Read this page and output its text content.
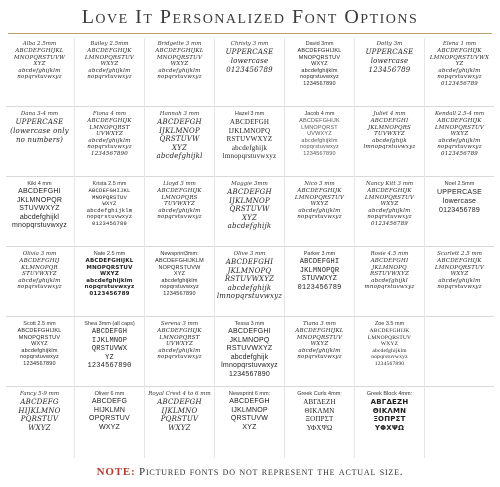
Love It Personalized Font Options
Alba 2.5mm
ABCDEFGHIJKL
MNOPQRSTUVW
XYZ
abcdefghijklm
nopqrstuvwxyz
Bailey 2.5mm
ABCDEFGHIJK
LMNOPQRSTUV
WXYZ
abcdefghijklm
nopqrstuvwxyz
Bridgette 3 mm
ABCDEFGHIJKL
MNOPQRSTUV
WXYZ
abcdefghijklm
nopqrstuvwxyz
Christy 3 mm
UPPERCASE
lowercase
0123456789
David 3mm
ABCDEFGHIJKL
MNOPQRSTUV
WXYZ
abcdefghijklm
nopqrstuvwxyz
1234567890
Dotty 3m
UPPERCASE
lowercase
123456789
Elena 1 mm
ABCDEFGHIJK
LMNOPQRSTUVWX
YZ
abcdefghijklm
nopqrstuvwxyz
0123456789
Dana 3-4 mm
UPPERCASE
(lowercase only
no numbers)
Fiona 4 mm
ABCDEFGHIJK
LMNOPQRST
UVWXYZ
abcdefghijklm
nopqrstuvwxyz
1234567890
Hannah 3 mm
ABCDEFGH
IJKLMNOP
QRSTUVW
XYZ
abcdefghijkl
Hazel 3 mm
ABCDEFGH
IJKLMNOPQ
RSTUVWXYZ
abcdefghijk
lmnopqrstuvwxyz
Jacob 4 mm
ABCDEFGHIJK
LMNOPQRST
UVWXYZ
abcdefghijklm
nopqrstuvwxyz
1234567890
Juliet 4 mm
ABCDEFGHI
JKLMNOPQRS
TUVWXYZ
abcdefghijk
lmnopqrstuvwxyz
Kendall 2.5-4 mm
ABCDEFGHIJK
LMNOPQRSTUV
WXYZ
abcdefghijklm
nopqrstuvwxyz
0123456789
Kiki 4 mm
ABCDEFGHI
JKLMNOPQR
STUVWXYZ
abcdefghijkl
mnopqrstuvwxyz
Krista 2.5 mm
ABCDEFGHIJKL
MNOPQRSTUV
WXYZ
abcdefghijklm
nopqrstuvwxyz
0123456789
Lloyd 3 mm
ABCDEFGHIJK
LMNOPQRS
TUVWXYZ
abcdefghijklm
nopqrstuvwxyz
Maggie 3mm
ABCDEFGH
IJKLMNOP
QRSTUVW
XYZ
abcdefghijk
Nico 3 mm
ABCDEFGHIJK
LMNOPQRSTUV
WXYZ
abcdefghijklm
nopqrstuvwxyz
Nancy Kitt 3 mm
ABCDEFGHIJK
LMNOPQRSTUV
WXYZ
abcdefghijklm
nopqrstuvwxyz
0123456789
Noel 2.5mm
UPPERCASE
lowercase
0123456789
Olivia 3 mm
ABCDEFGHIJ
KLMNOPQR
STUVWXYZ
abcdefghijklm
nopqrstuvwxyz
Nate 2.5 mm
ABCDEFGHIJKL
MNOPQRSTUV
WXYZ
abcdefghijklm
nopqrstuvwxyz
0123456789
Newsprint3mm:
ABCDEFGHIJKLM
NOPQRSTUVW
XYZ
abcdefghijklm
nopqrstuvwxyz
1234567890
Olive 3 mm
ABCDEFGHI
JKLMNOPQ
RSTUVWXYZ
abcdefghijk
lmnopqrstuvwxyz
Parker 3 mm
ABCDEFGHI
JKLMNOPQR
STUVWXYZ
0123456789
Rosie 4.5 mm
ABCDEFGHI
JKLMNOPQ
RSTUVWXYZ
abcdefghijkl
mnopqrstuvwxyz
Scarlett 2.5 mm
ABCDEFGHIJK
LMNOPQRSTUV
WXYZ
abcdefghijklm
nopqrstuvwxyz
Scott 2.5 mm
ABCDEFGHIJKL
MNOPQRSTUV
WXYZ
abcdefghijklm
nopqrstuvwxyz
1234567890
Shea 3mm (all caps)
ABCDEFGH
IJKLMNOP
QRSTUVWX
YZ
1234567890
Serena 3 mm
ABCDEFGHIJK
LMNOPQRST
UVWXYZ
abcdefghijklm
nopqrstuvwxyz
Tessa 3 mm
ABCDEFGHI
JKLMNOPQ
RSTUVWXYZ
abcdefghijk
lmnopqrstuvwxyz
1234567890
Tiana 3 mm
ABCDEFGHIJKL
MNOPQRSTUV
WXYZ
abcdefghijklm
nopqrstuvwxyz
Zoe 3.5 mm
ABCDEFGHIJK
LMNOPQRSTUV
WXYZ
abcdefghijklm
nopqrstuvwxyz
1234567890
Fancy 5-9 mm
ABCDEFG
HIJKLMNO
PQRSTUV
WXYZ
Oliver 6 mm
ABCDEFG
HIJKLMN
OPQRSTUV
WXYZ
Royal Crest 4 to 6 mm
ABCDEFGH
IJKLMNO
PQRSTUV
WXYZ
Newsprint 6 mm:
ABCDEFGH
IJKLMNOP
QRSTUVW
XYZ
Greek Curls 4mm:
ΑΒΓΔΕΖΗ
ΘΙΚΛΜΝ
ΞΟΠΡΣΤ
ΥΦΧΨΩ
Greek Block 4mm:
ΑΒΓΔΕΖΗ
ΘΙΚΛΜΝ
ΞΟΠΡΣΤ
ΥΦΧΨΩ
NOTE: Pictured fonts do not represent the actual size.
